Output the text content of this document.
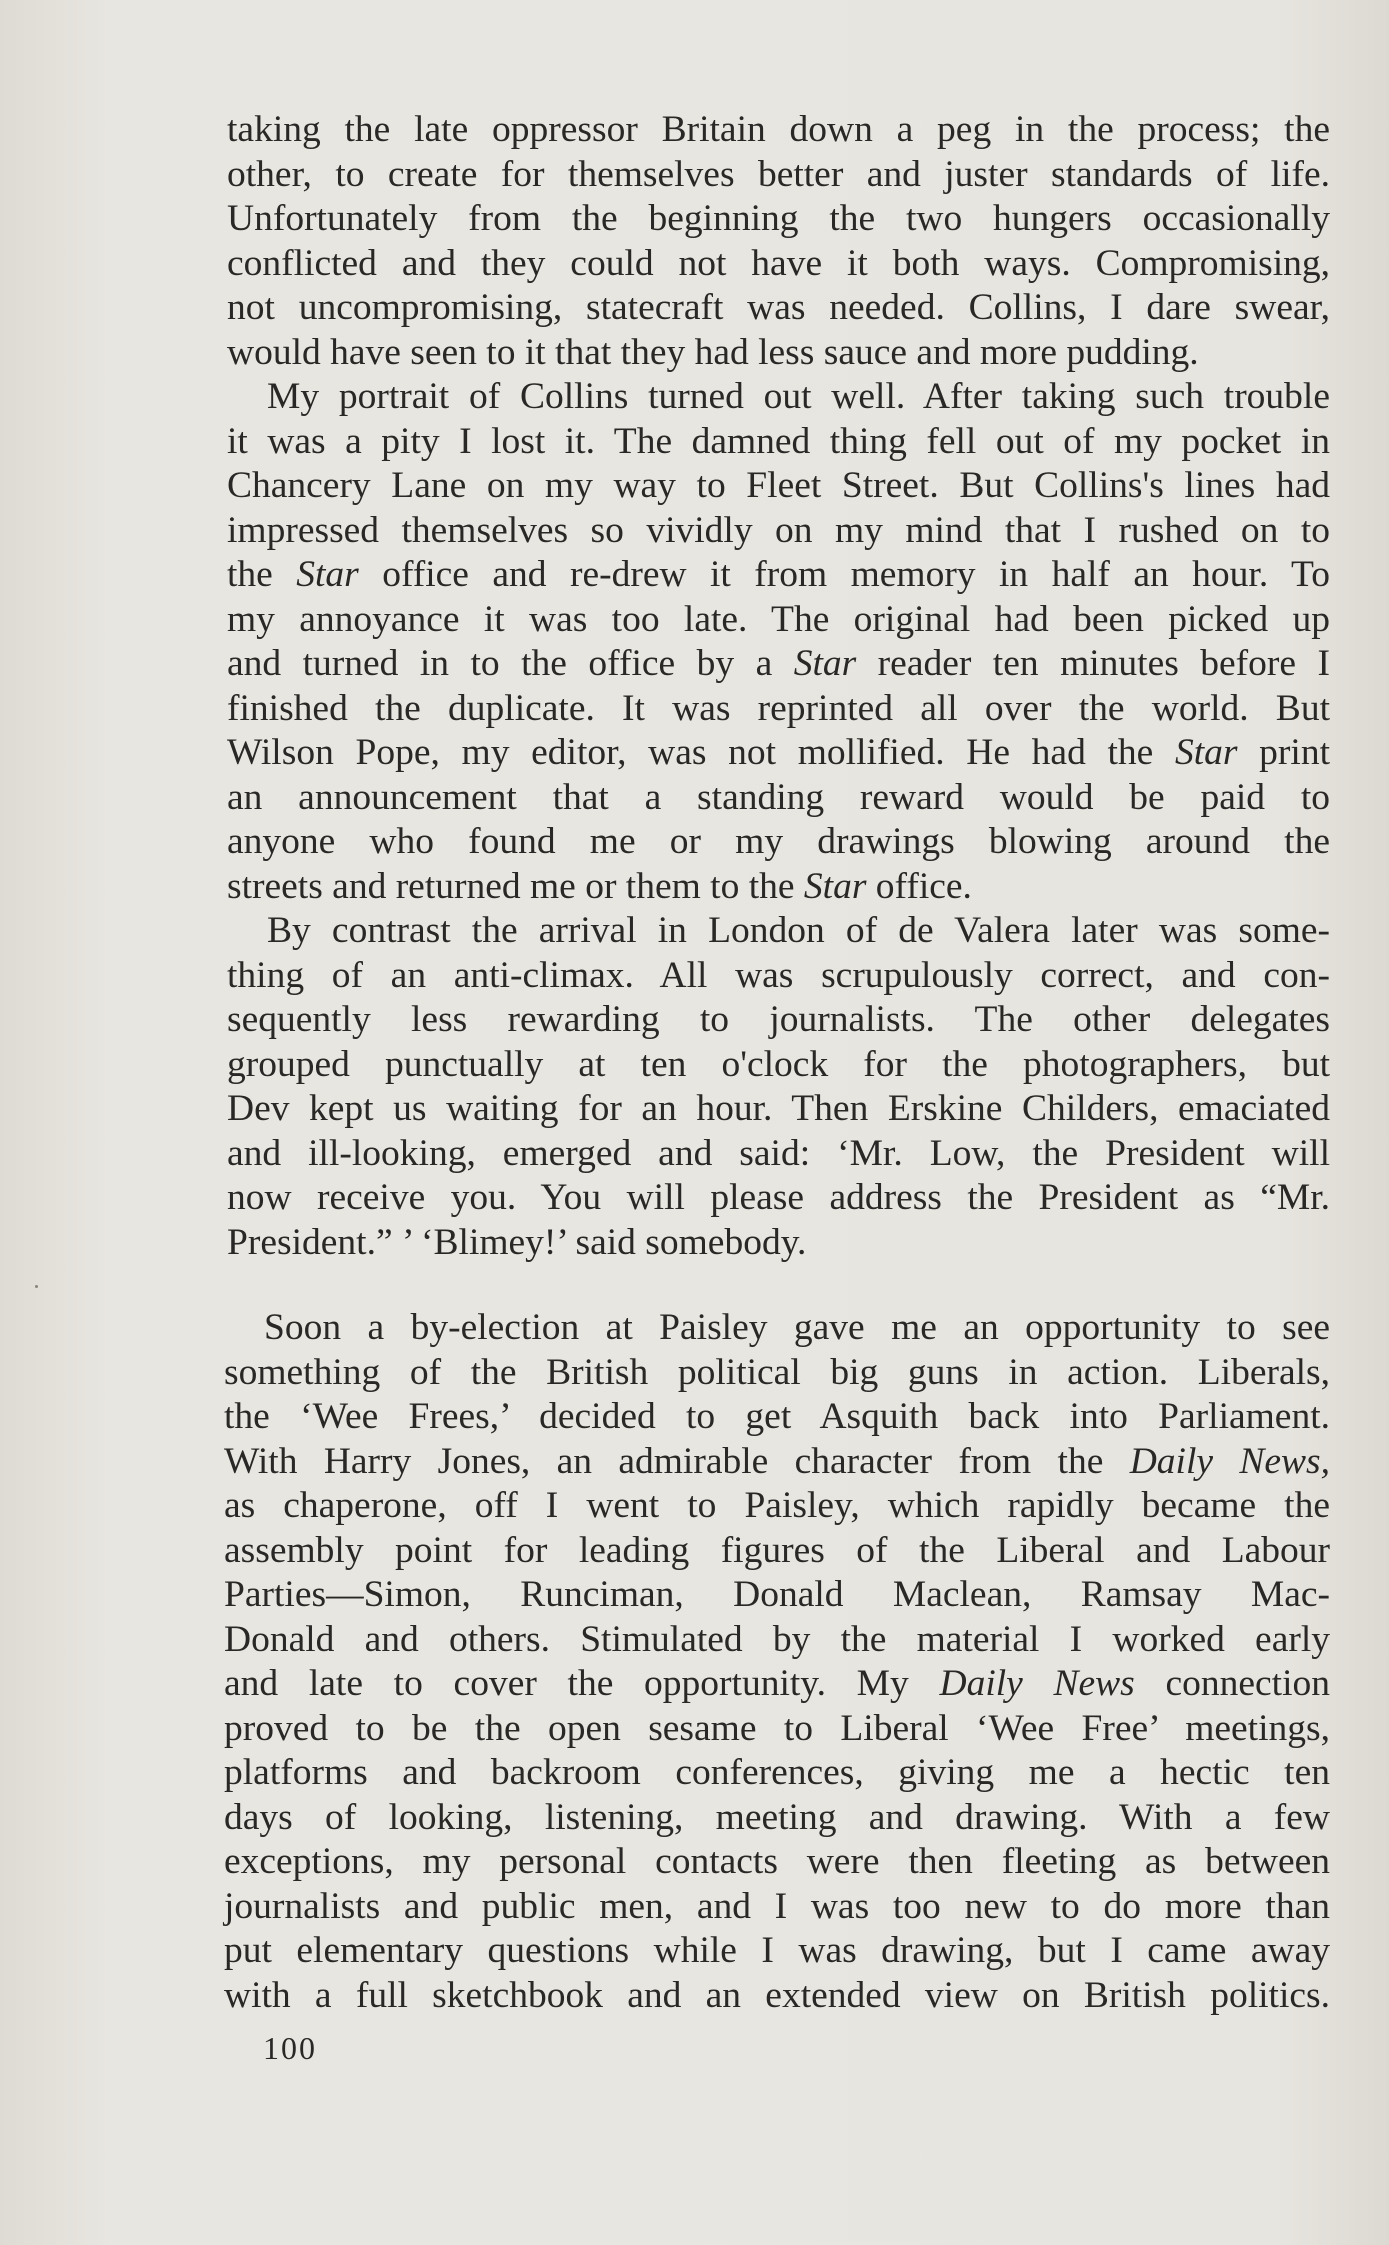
taking the late oppressor Britain down a peg in the process; the
other, to create for themselves better and juster standards of life.
Unfortunately from the beginning the two hungers occasionally
conflicted and they could not have it both ways. Compromising,
not uncompromising, statecraft was needed. Collins, I dare swear,
would have seen to it that they had less sauce and more pudding.
My portrait of Collins turned out well. After taking such trouble
it was a pity I lost it. The damned thing fell out of my pocket in
Chancery Lane on my way to Fleet Street. But Collins's lines had
impressed themselves so vividly on my mind that I rushed on to
the Star office and re-drew it from memory in half an hour. To
my annoyance it was too late. The original had been picked up
and turned in to the office by a Star reader ten minutes before I
finished the duplicate. It was reprinted all over the world. But
Wilson Pope, my editor, was not mollified. He had the Star print
an announcement that a standing reward would be paid to
anyone who found me or my drawings blowing around the
streets and returned me or them to the Star office.
By contrast the arrival in London of de Valera later was some-
thing of an anti-climax. All was scrupulously correct, and con-
sequently less rewarding to journalists. The other delegates
grouped punctually at ten o'clock for the photographers, but
Dev kept us waiting for an hour. Then Erskine Childers, emaciated
and ill-looking, emerged and said: ‘Mr. Low, the President will
now receive you. You will please address the President as “Mr.
President.” ’ ‘Blimey!’ said somebody.
Soon a by-election at Paisley gave me an opportunity to see
something of the British political big guns in action. Liberals,
the ‘Wee Frees,’ decided to get Asquith back into Parliament.
With Harry Jones, an admirable character from the Daily News,
as chaperone, off I went to Paisley, which rapidly became the
assembly point for leading figures of the Liberal and Labour
Parties—Simon, Runciman, Donald Maclean, Ramsay Mac-
Donald and others. Stimulated by the material I worked early
and late to cover the opportunity. My Daily News connection
proved to be the open sesame to Liberal ‘Wee Free’ meetings,
platforms and backroom conferences, giving me a hectic ten
days of looking, listening, meeting and drawing. With a few
exceptions, my personal contacts were then fleeting as between
journalists and public men, and I was too new to do more than
put elementary questions while I was drawing, but I came away
with a full sketchbook and an extended view on British politics.
100
